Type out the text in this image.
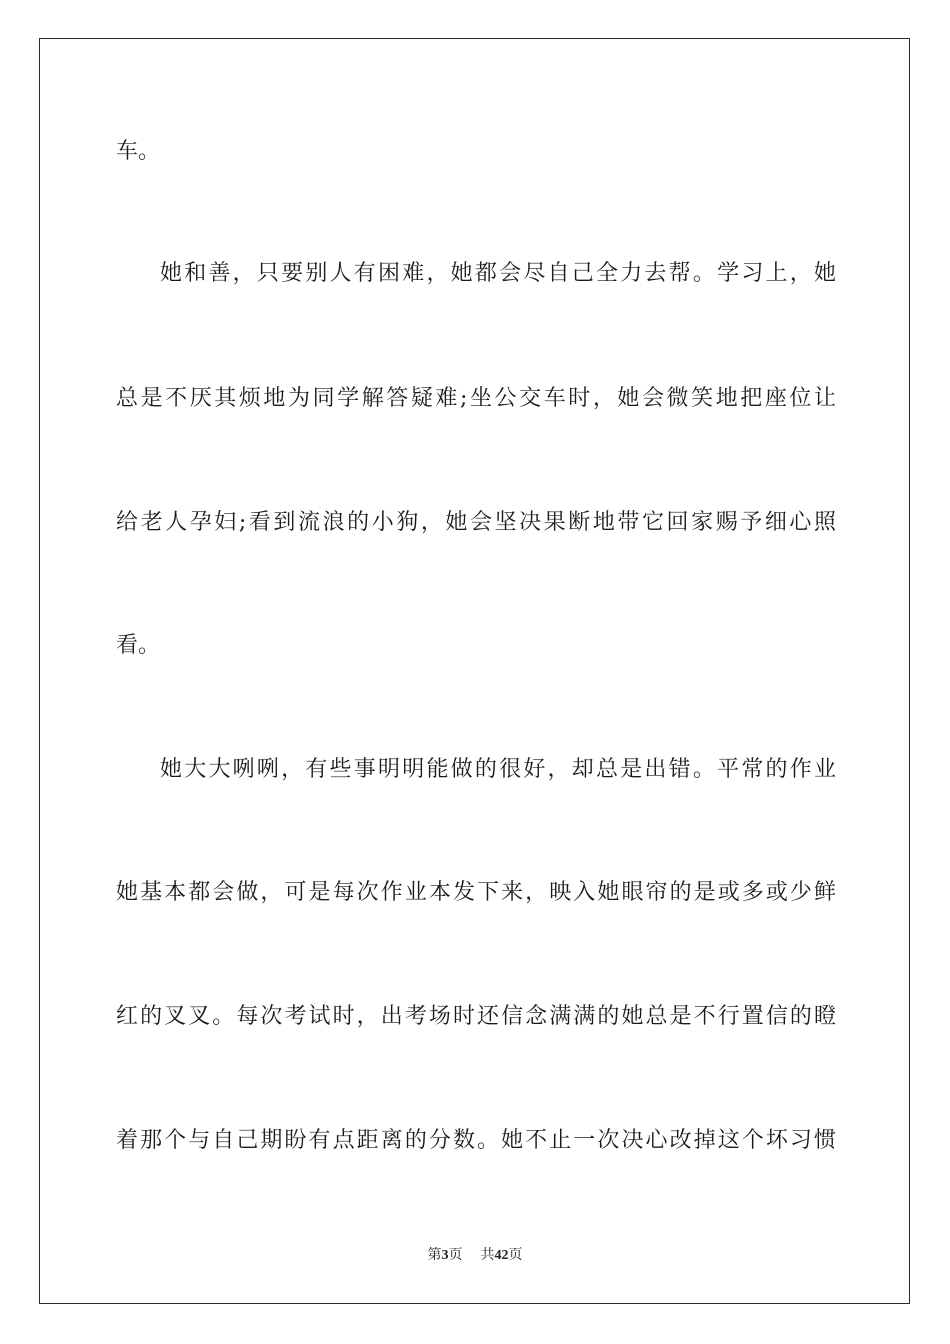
车。
她和善，只要别人有困难，她都会尽自己全力去帮。学习上，她
总是不厌其烦地为同学解答疑难;坐公交车时，她会微笑地把座位让
给老人孕妇;看到流浪的小狗，她会坚决果断地带它回家赐予细心照
看。
她大大咧咧，有些事明明能做的很好，却总是出错。平常的作业
她基本都会做，可是每次作业本发下来，映入她眼帘的是或多或少鲜
红的叉叉。每次考试时，出考场时还信念满满的她总是不行置信的瞪
着那个与自己期盼有点距离的分数。她不止一次决心改掉这个坏习惯
第3页 共42页
